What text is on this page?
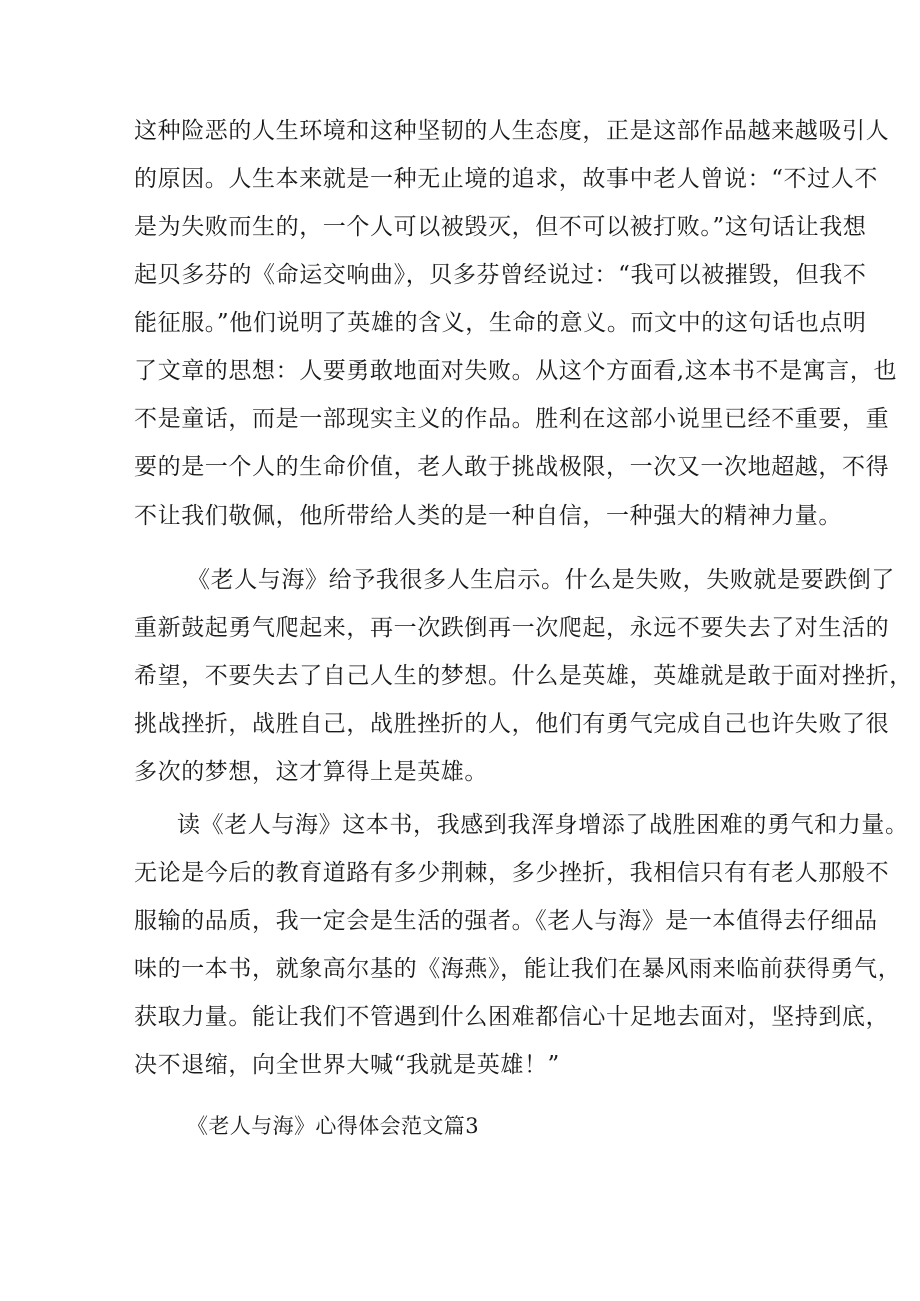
这种险恶的人生环境和这种坚韧的人生态度，正是这部作品越来越吸引人
的原因。人生本来就是一种无止境的追求，故事中老人曾说：“不过人不
是为失败而生的，一个人可以被毁灭，但不可以被打败。”这句话让我想
起贝多芬的《命运交响曲》，贝多芬曾经说过：“我可以被摧毁，但我不
能征服。”他们说明了英雄的含义，生命的意义。而文中的这句话也点明
了文章的思想：人要勇敢地面对失败。从这个方面看,这本书不是寓言，也
不是童话，而是一部现实主义的作品。胜利在这部小说里已经不重要，重
要的是一个人的生命价值，老人敢于挑战极限，一次又一次地超越，不得
不让我们敬佩，他所带给人类的是一种自信，一种强大的精神力量。
《老人与海》给予我很多人生启示。什么是失败，失败就是要跌倒了
重新鼓起勇气爬起来，再一次跌倒再一次爬起，永远不要失去了对生活的
希望，不要失去了自己人生的梦想。什么是英雄，英雄就是敢于面对挫折，
挑战挫折，战胜自己，战胜挫折的人，他们有勇气完成自己也许失败了很
多次的梦想，这才算得上是英雄。
读《老人与海》这本书，我感到我浑身增添了战胜困难的勇气和力量。
无论是今后的教育道路有多少荆棘，多少挫折，我相信只有有老人那般不
服输的品质，我一定会是生活的强者。《老人与海》是一本值得去仔细品
味的一本书，就象高尔基的《海燕》，能让我们在暴风雨来临前获得勇气，
获取力量。能让我们不管遇到什么困难都信心十足地去面对，坚持到底，
决不退缩，向全世界大喊“我就是英雄！”
《老人与海》心得体会范文篇3
